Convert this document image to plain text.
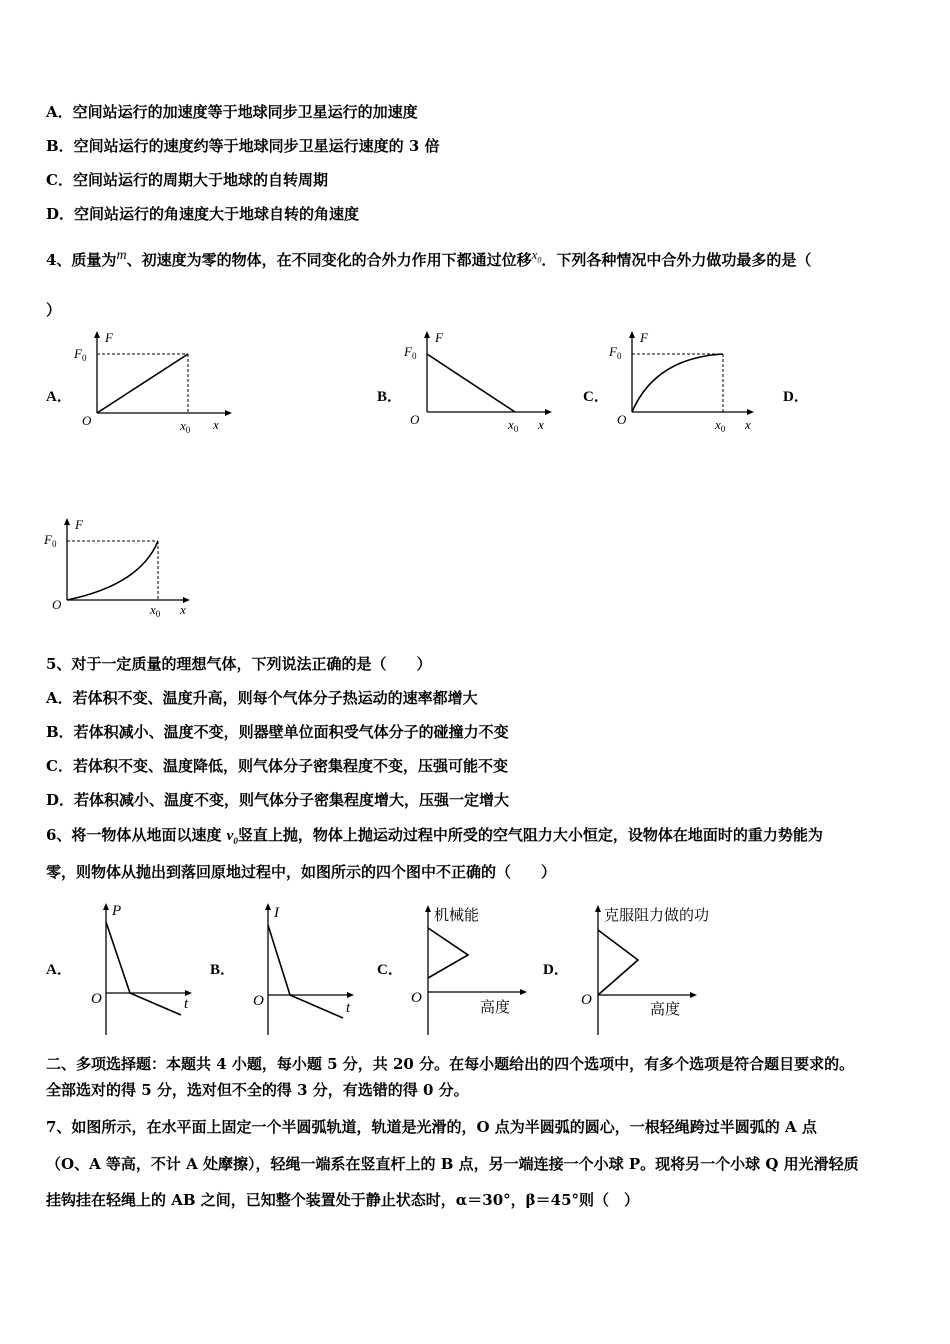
A．空间站运行的加速度等于地球同步卫星运行的加速度
B．空间站运行的速度约等于地球同步卫星运行速度的 3 倍
C．空间站运行的周期大于地球的自转周期
D．空间站运行的角速度大于地球自转的角速度
4、质量为m、初速度为零的物体，在不同变化的合外力作用下都通过位移$x_0$．下列各种情况中合外力做功最多的是（
）
A．	B．	C．	D．
F
$F_0$
O	$x_0$ x
F
$F_0$
O	$x_0$ x
F
$F_0$
O	$x_0$ x
F
$F_0$
O	$x_0$ x
5、对于一定质量的理想气体，下列说法正确的是（　　）
A．若体积不变、温度升高，则每个气体分子热运动的速率都增大
B．若体积减小、温度不变，则器壁单位面积受气体分子的碰撞力不变
C．若体积不变、温度降低，则气体分子密集程度不变，压强可能不变
D．若体积减小、温度不变，则气体分子密集程度增大，压强一定增大
6、将一物体从地面以速度 $v_0$竖直上抛，物体上抛运动过程中所受的空气阻力大小恒定，设物体在地面时的重力势能为
零，则物体从抛出到落回原地过程中，如图所示的四个图中不正确的（　　）
A．	B．	C．	D．
P
O	t
I
O	t
机械能
O	高度
克服阻力做的功
O	高度
二、多项选择题：本题共 4 小题，每小题 5 分，共 20 分。在每小题给出的四个选项中，有多个选项是符合题目要求的。
全部选对的得 5 分，选对但不全的得 3 分，有选错的得 0 分。
7、如图所示，在水平面上固定一个半圆弧轨道，轨道是光滑的，O 点为半圆弧的圆心，一根轻绳跨过半圆弧的 A 点
（O、A 等高，不计 A 处摩擦），轻绳一端系在竖直杆上的 B 点，另一端连接一个小球 P。现将另一个小球 Q 用光滑轻质
挂钩挂在轻绳上的 AB 之间，已知整个装置处于静止状态时，α＝30°，β＝45°则（　）
